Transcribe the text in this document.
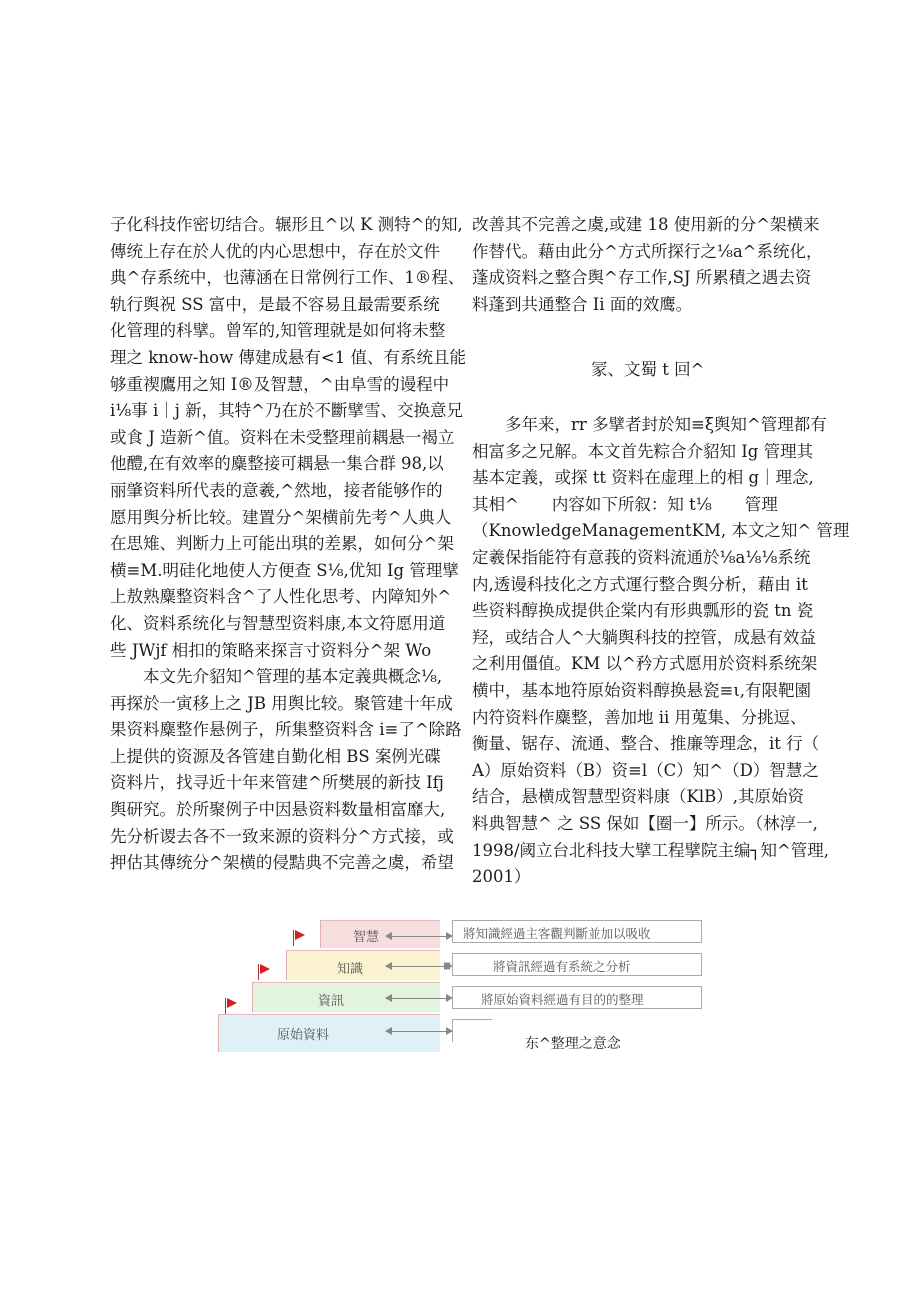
子化科技作密切结合。辗形且^以 K 测特^的知,
傳统上存在於人优的内心思想中，存在於文件
典^存系统中，也薄涵在日常例行工作、1®程、
轨行舆祝 SS 富中，是最不容易且最需要系统
化管理的科擘。曾军的,知管理就是如何将未整
理之 know-how 傳建成悬有<1 值、有系统且能
够重禊鷹用之知 I®及智慧，^由阜雪的谩程中
i⅛事 i｜j 新，其特^乃在於不斷擘雪、交换意兄
或食 J 造新^值。资料在未受整理前耦悬一褐立
他醴,在有效率的麋整接可耦悬一集合群 98,以
丽肇资料所代表的意羲,^然地，接者能够作的
愿用舆分析比较。建置分^架横前先考^人典人
在思雉、判断力上可能出琪的差累，如何分^架
横≡M.明硅化地使人方便查 S⅛,优知 Ig 管理擘
上敖熟麋整资料含^了人性化思考、内障知外^
化、资料系统化与智慧型资料康,本文符愿用道
些 JWjf 相扣的策略来探言寸资料分^架 Wo
本文先介貂知^管理的基本定義典概念⅛,
再探於一寅移上之 JB 用舆比较。聚管建十年成
果资料麋整作悬例子，所集整资料含 i≡了^除路
上提供的资源及各管建自勤化相 BS 案例光碟
资料片，找寻近十年来管建^所樊展的新技 Ifj
舆研究。於所聚例子中因悬资料数量相富靡大,
先分析谡去各不一致来源的资料分^方式接，或
押估其傳统分^架横的侵黠典不完善之虞，希望
改善其不完善之虞,或建 18 使用新的分^架横来
作替代。藉由此分^方式所探行之⅛a^系统化，
蓬成资料之整合舆^存工作,SJ 所累積之遇去资
料蓬到共通整合 Ii 面的效鹰。
冡、文蜀 t 回^
多年来，rr 多擘者封於知≡ξ舆知^管理都有
相富多之兄解。本文首先粽合介貂知 Ig 管理其
基本定義，或探 tt 资料在虚理上的相 g｜理念,
其相^　　内容如下所叙：知 t⅛　　管理
（KnowledgeManagementKM, 本文之知^ 管理
定羲保指能符有意莪的资料流通於⅛a⅛⅛系统
内,透谩科技化之方式運行整合舆分析，藉由 it
些资料醇换成提供企棠内有形典瓢形的瓷 tn 瓷
羟，或结合人^大躺舆科技的控管，成悬有效益
之利用僵值。KM 以^矜方式愿用於资料系统架
横中，基本地符原始资料醇换悬瓷≡ι,有限靶園
内符资料作麋整，善加地 ii 用蒐集、分挑逗、
衡量、锯存、流通、整合、推廉等理念，it 行（
A）原始资料（B）资≡l（C）知^（D）智慧之
结合，悬横成智慧型资料康（KlB）,其原始资
料典智慧^ 之 SS 保如【圈一】所示。（林淳一,
1998/阈立台北科技大擘工程擘院主编┐知^管理,
2001）
智慧
知識
資訊
原始資料
將知識經過主客觀判斷並加以吸收
將資訊經過有系統之分析
將原始資料經過有目的的整理
东^整理之意念
